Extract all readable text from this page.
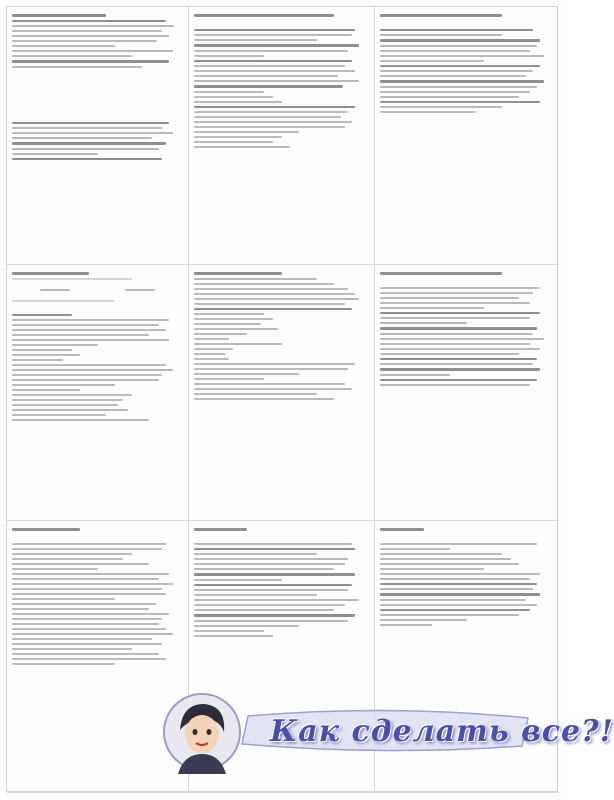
Как сделать все?!
